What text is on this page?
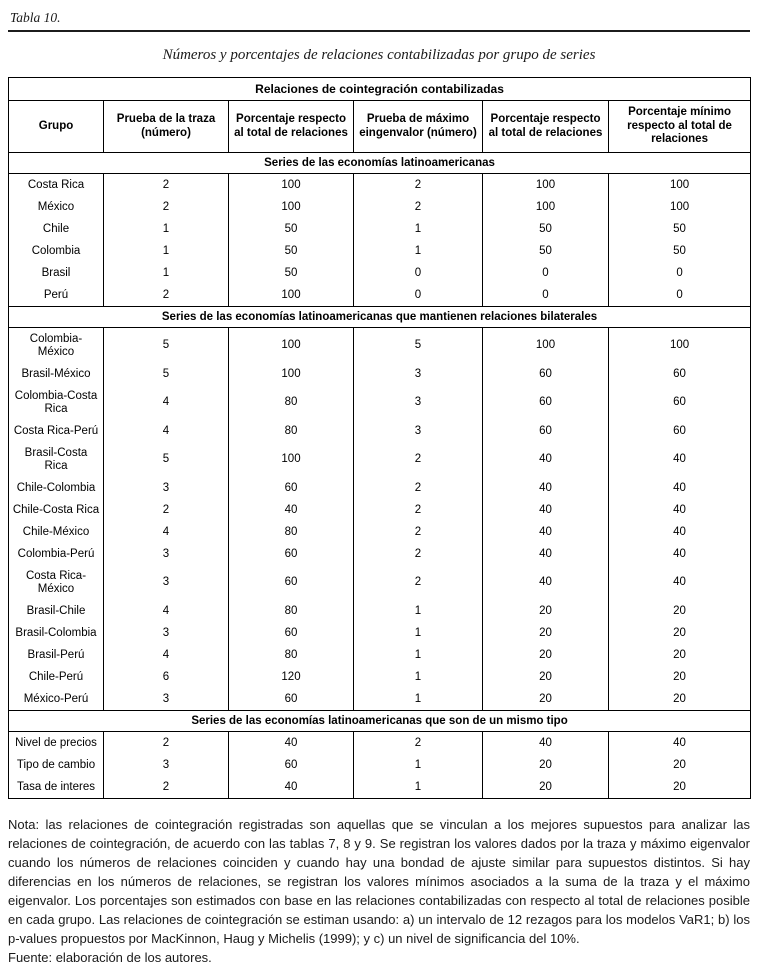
Tabla 10.
Números y porcentajes de relaciones contabilizadas por grupo de series
Relaciones de cointegración contabilizadas					
Grupo	Prueba de la traza (número)	Porcentaje respecto al total de relaciones	Prueba de máximo eingenvalor (número)	Porcentaje respecto al total de relaciones	Porcentaje mínimo respecto al total de relaciones
Series de las economías latinoamericanas					
Costa Rica	2	100	2	100	100
México	2	100	2	100	100
Chile	1	50	1	50	50
Colombia	1	50	1	50	50
Brasil	1	50	0	0	0
Perú	2	100	0	0	0
Series de las economías latinoamericanas que mantienen relaciones bilaterales					
Colombia-México	5	100	5	100	100
Brasil-México	5	100	3	60	60
Colombia-Costa Rica	4	80	3	60	60
Costa Rica-Perú	4	80	3	60	60
Brasil-Costa Rica	5	100	2	40	40
Chile-Colombia	3	60	2	40	40
Chile-Costa Rica	2	40	2	40	40
Chile-México	4	80	2	40	40
Colombia-Perú	3	60	2	40	40
Costa Rica-México	3	60	2	40	40
Brasil-Chile	4	80	1	20	20
Brasil-Colombia	3	60	1	20	20
Brasil-Perú	4	80	1	20	20
Chile-Perú	6	120	1	20	20
México-Perú	3	60	1	20	20
Series de las economías latinoamericanas que son de un mismo tipo					
Nivel de precios	2	40	2	40	40
Tipo de cambio	3	60	1	20	20
Tasa de interes	2	40	1	20	20
Nota: las relaciones de cointegración registradas son aquellas que se vinculan a los mejores supuestos para analizar las relaciones de cointegración, de acuerdo con las tablas 7, 8 y 9. Se registran los valores dados por la traza y máximo eigenvalor cuando los números de relaciones coinciden y cuando hay una bondad de ajuste similar para supuestos distintos. Si hay diferencias en los números de relaciones, se registran los valores mínimos asociados a la suma de la traza y el máximo eigenvalor. Los porcentajes son estimados con base en las relaciones contabilizadas con respecto al total de relaciones posible en cada grupo. Las relaciones de cointegración se estiman usando: a) un intervalo de 12 rezagos para los modelos VaR1; b) los p-values propuestos por MacKinnon, Haug y Michelis (1999); y c) un nivel de significancia del 10%.
Fuente: elaboración de los autores.
